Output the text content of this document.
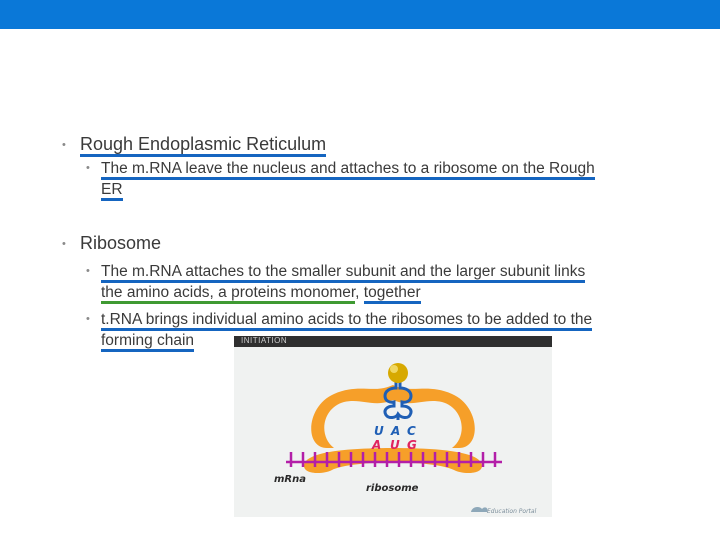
• Rough Endoplasmic Reticulum
• The m.RNA leave the nucleus and attaches to a ribosome on the Rough
ER
• Ribosome
• The m.RNA attaches to the smaller subunit and the larger subunit links
the amino acids, a proteins monomer, together
• t.RNA brings individual amino acids to the ribosomes to be added to the
forming chain	INITIATION
U A C
A U G
mRna
ribosome
Education Portal
